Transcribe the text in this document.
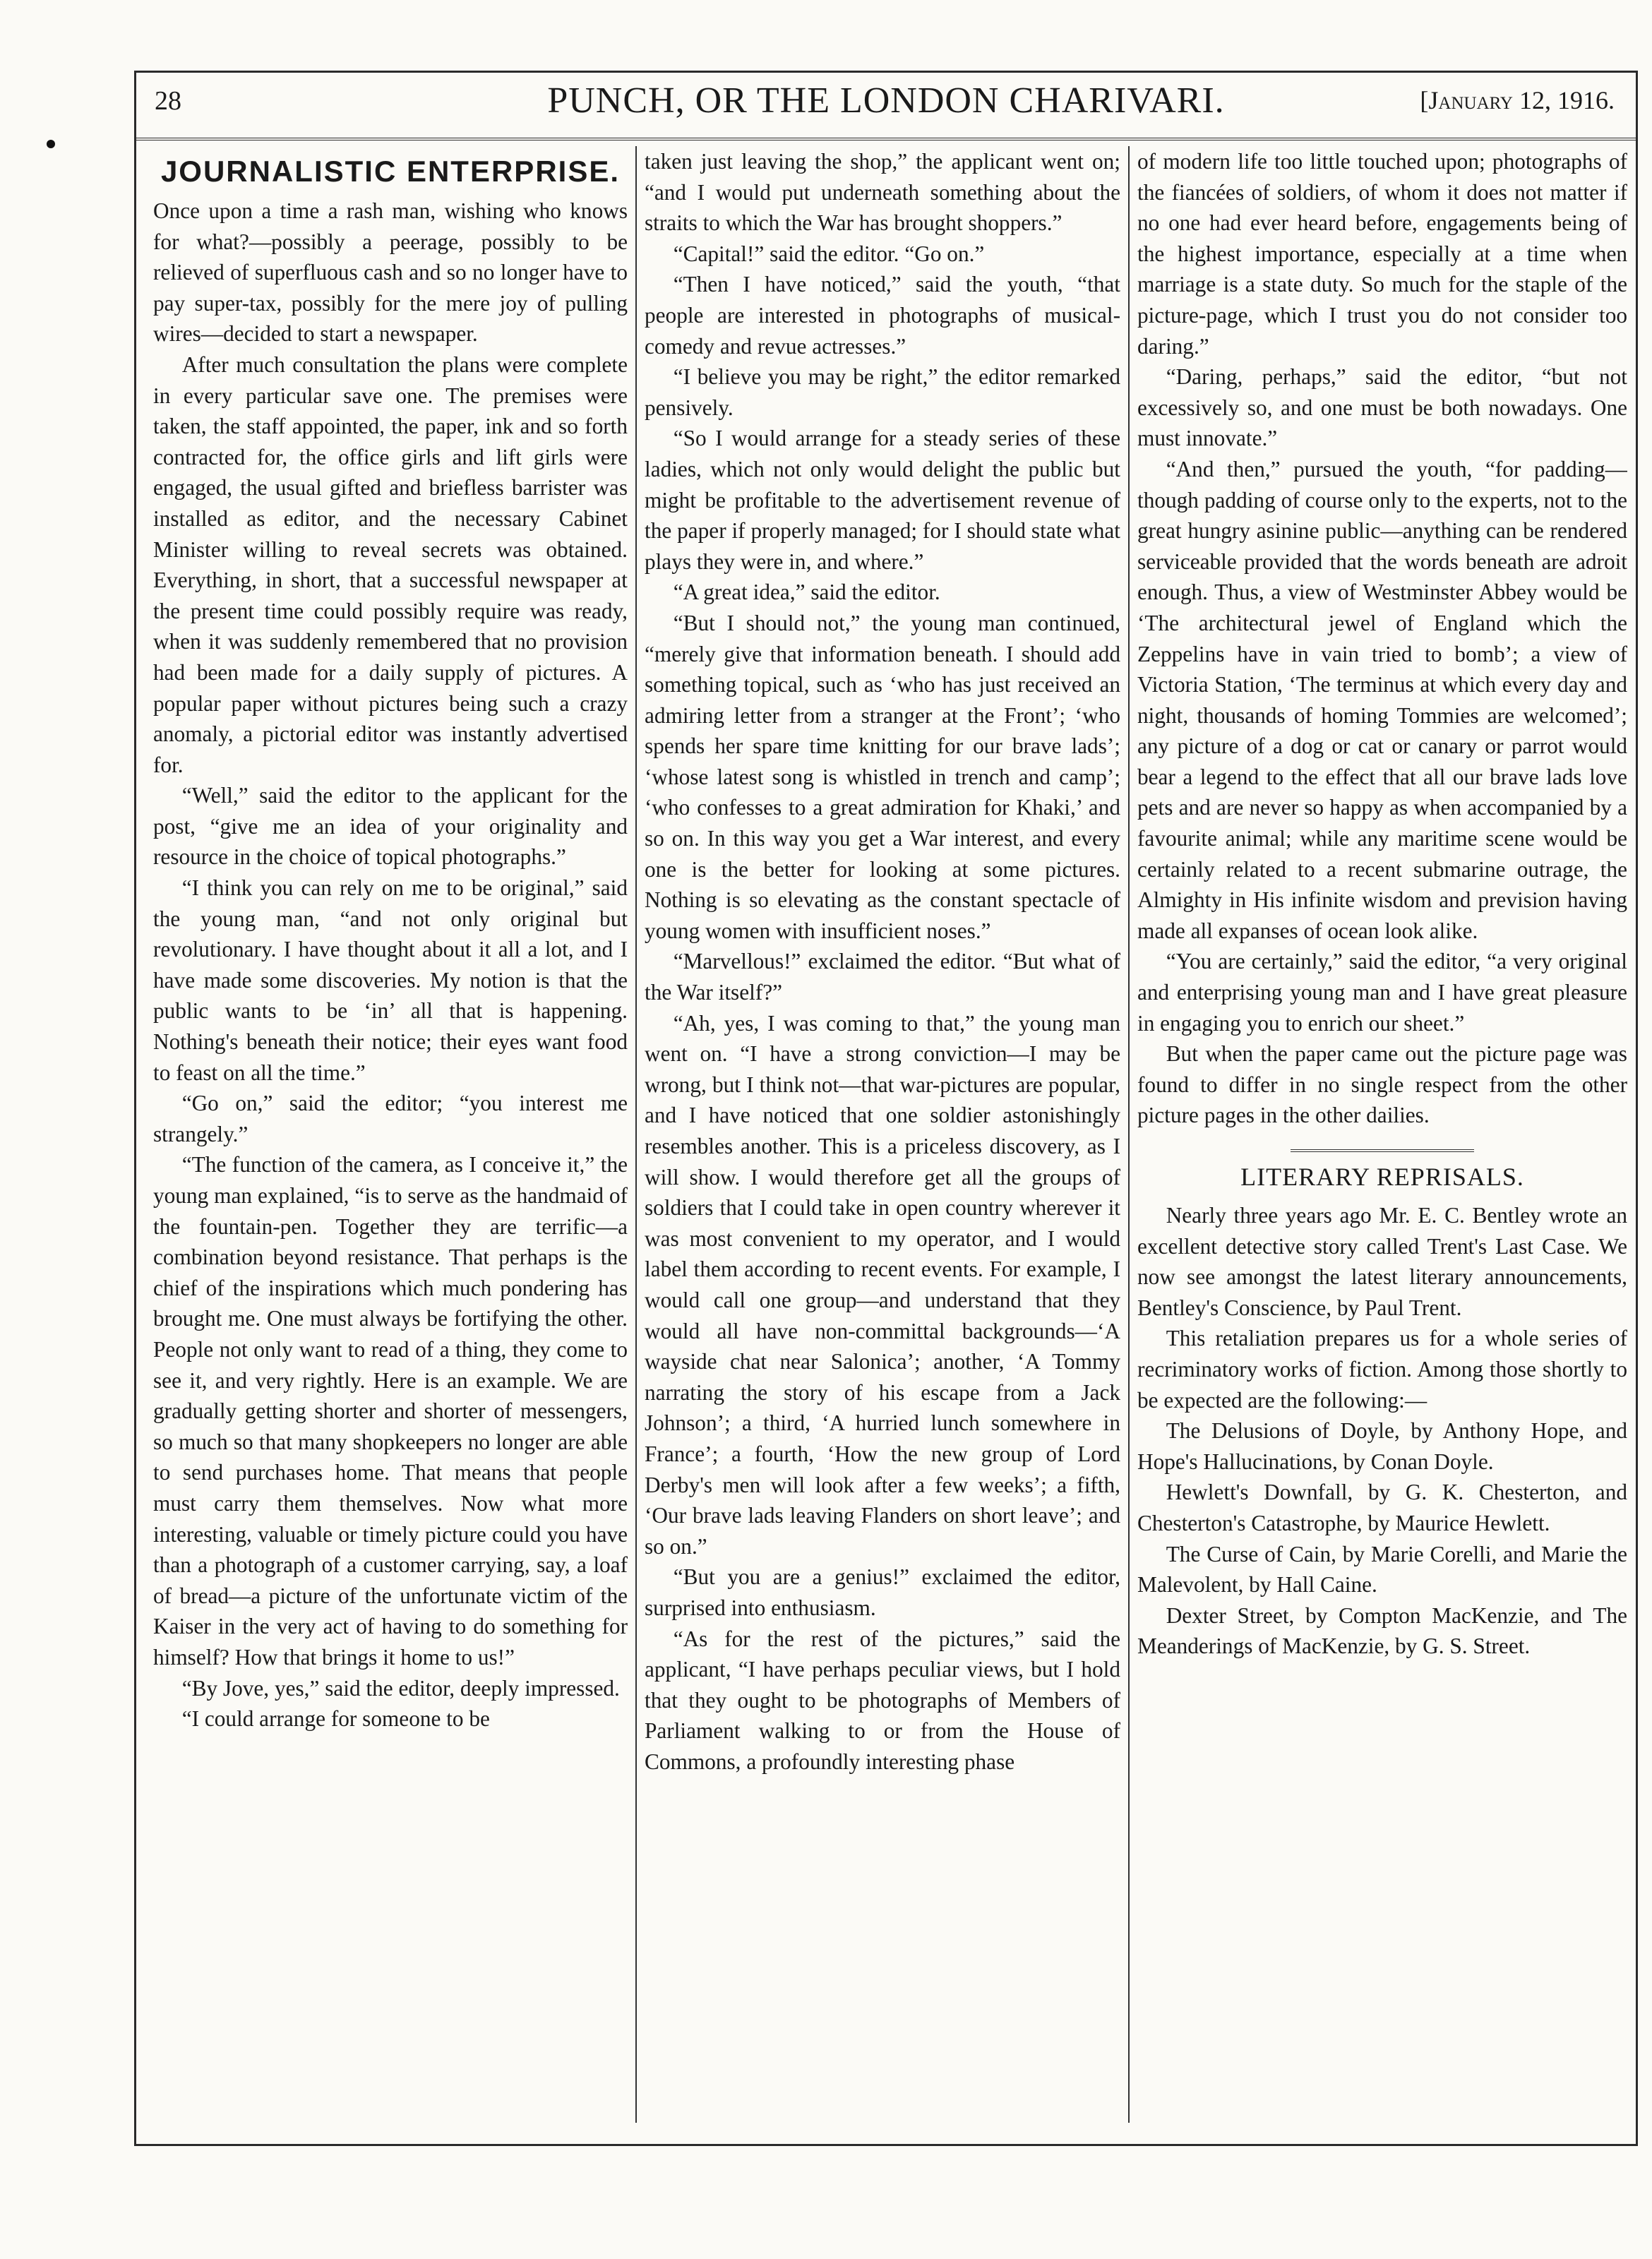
28	PUNCH, OR THE LONDON CHARIVARI.	[January 12, 1916.
JOURNALISTIC ENTERPRISE.

Once upon a time a rash man, wishing who knows for what?—possibly a peerage, possibly to be relieved of superfluous cash and so no longer have to pay super-tax, possibly for the mere joy of pulling wires—decided to start a newspaper.

After much consultation the plans were complete in every particular save one. The premises were taken, the staff appointed, the paper, ink and so forth contracted for, the office girls and lift girls were engaged, the usual gifted and briefless barrister was installed as editor, and the necessary Cabinet Minister willing to reveal secrets was obtained. Everything, in short, that a successful newspaper at the present time could possibly require was ready, when it was suddenly remembered that no provision had been made for a daily supply of pictures. A popular paper without pictures being such a crazy anomaly, a pictorial editor was instantly advertised for.

“Well,” said the editor to the applicant for the post, “give me an idea of your originality and resource in the choice of topical photographs.”

“I think you can rely on me to be original,” said the young man, “and not only original but revolutionary. I have thought about it all a lot, and I have made some discoveries. My notion is that the public wants to be ‘in’ all that is happening. Nothing's beneath their notice; their eyes want food to feast on all the time.”

“Go on,” said the editor; “you interest me strangely.”

“The function of the camera, as I conceive it,” the young man explained, “is to serve as the handmaid of the fountain-pen. Together they are terrific—a combination beyond resistance. That perhaps is the chief of the inspirations which much pondering has brought me. One must always be fortifying the other. People not only want to read of a thing, they come to see it, and very rightly. Here is an example. We are gradually getting shorter and shorter of messengers, so much so that many shopkeepers no longer are able to send purchases home. That means that people must carry them themselves. Now what more interesting, valuable or timely picture could you have than a photograph of a customer carrying, say, a loaf of bread—a picture of the unfortunate victim of the Kaiser in the very act of having to do something for himself? How that brings it home to us!”

“By Jove, yes,” said the editor, deeply impressed.

“I could arrange for someone to be

taken just leaving the shop,” the applicant went on; “and I would put underneath something about the straits to which the War has brought shoppers.”

“Capital!” said the editor. “Go on.”

“Then I have noticed,” said the youth, “that people are interested in photographs of musical-comedy and revue actresses.”

“I believe you may be right,” the editor remarked pensively.

“So I would arrange for a steady series of these ladies, which not only would delight the public but might be profitable to the advertisement revenue of the paper if properly managed; for I should state what plays they were in, and where.”

“A great idea,” said the editor.

“But I should not,” the young man continued, “merely give that information beneath. I should add something topical, such as ‘who has just received an admiring letter from a stranger at the Front’; ‘who spends her spare time knitting for our brave lads’; ‘whose latest song is whistled in trench and camp’; ‘who confesses to a great admiration for Khaki,’ and so on. In this way you get a War interest, and every one is the better for looking at some pictures. Nothing is so elevating as the constant spectacle of young women with insufficient noses.”

“Marvellous!” exclaimed the editor. “But what of the War itself?”

“Ah, yes, I was coming to that,” the young man went on. “I have a strong conviction—I may be wrong, but I think not—that war-pictures are popular, and I have noticed that one soldier astonishingly resembles another. This is a priceless discovery, as I will show. I would therefore get all the groups of soldiers that I could take in open country wherever it was most convenient to my operator, and I would label them according to recent events. For example, I would call one group—and understand that they would all have non-committal backgrounds—‘A wayside chat near Salonica’; another, ‘A Tommy narrating the story of his escape from a Jack Johnson’; a third, ‘A hurried lunch somewhere in France’; a fourth, ‘How the new group of Lord Derby's men will look after a few weeks’; a fifth, ‘Our brave lads leaving Flanders on short leave’; and so on.”

“But you are a genius!” exclaimed the editor, surprised into enthusiasm.

“As for the rest of the pictures,” said the applicant, “I have perhaps peculiar views, but I hold that they ought to be photographs of Members of Parliament walking to or from the House of Commons, a profoundly interesting phase

of modern life too little touched upon; photographs of the fiancées of soldiers, of whom it does not matter if no one had ever heard before, engagements being of the highest importance, especially at a time when marriage is a state duty. So much for the staple of the picture-page, which I trust you do not consider too daring.”

“Daring, perhaps,” said the editor, “but not excessively so, and one must be both nowadays. One must innovate.”

“And then,” pursued the youth, “for padding—though padding of course only to the experts, not to the great hungry asinine public—anything can be rendered serviceable provided that the words beneath are adroit enough. Thus, a view of Westminster Abbey would be ‘The architectural jewel of England which the Zeppelins have in vain tried to bomb’; a view of Victoria Station, ‘The terminus at which every day and night, thousands of homing Tommies are welcomed’; any picture of a dog or cat or canary or parrot would bear a legend to the effect that all our brave lads love pets and are never so happy as when accompanied by a favourite animal; while any maritime scene would be certainly related to a recent submarine outrage, the Almighty in His infinite wisdom and prevision having made all expanses of ocean look alike.

“You are certainly,” said the editor, “a very original and enterprising young man and I have great pleasure in engaging you to enrich our sheet.”

But when the paper came out the picture page was found to differ in no single respect from the other picture pages in the other dailies.

LITERARY REPRISALS.

Nearly three years ago Mr. E. C. Bentley wrote an excellent detective story called Trent's Last Case. We now see amongst the latest literary announcements, Bentley's Conscience, by Paul Trent.

This retaliation prepares us for a whole series of recriminatory works of fiction. Among those shortly to be expected are the following:—

The Delusions of Doyle, by Anthony Hope, and Hope's Hallucinations, by Conan Doyle.

Hewlett's Downfall, by G. K. Chesterton, and Chesterton's Catastrophe, by Maurice Hewlett.

The Curse of Cain, by Marie Corelli, and Marie the Malevolent, by Hall Caine.

Dexter Street, by Compton MacKenzie, and The Meanderings of MacKenzie, by G. S. Street.
